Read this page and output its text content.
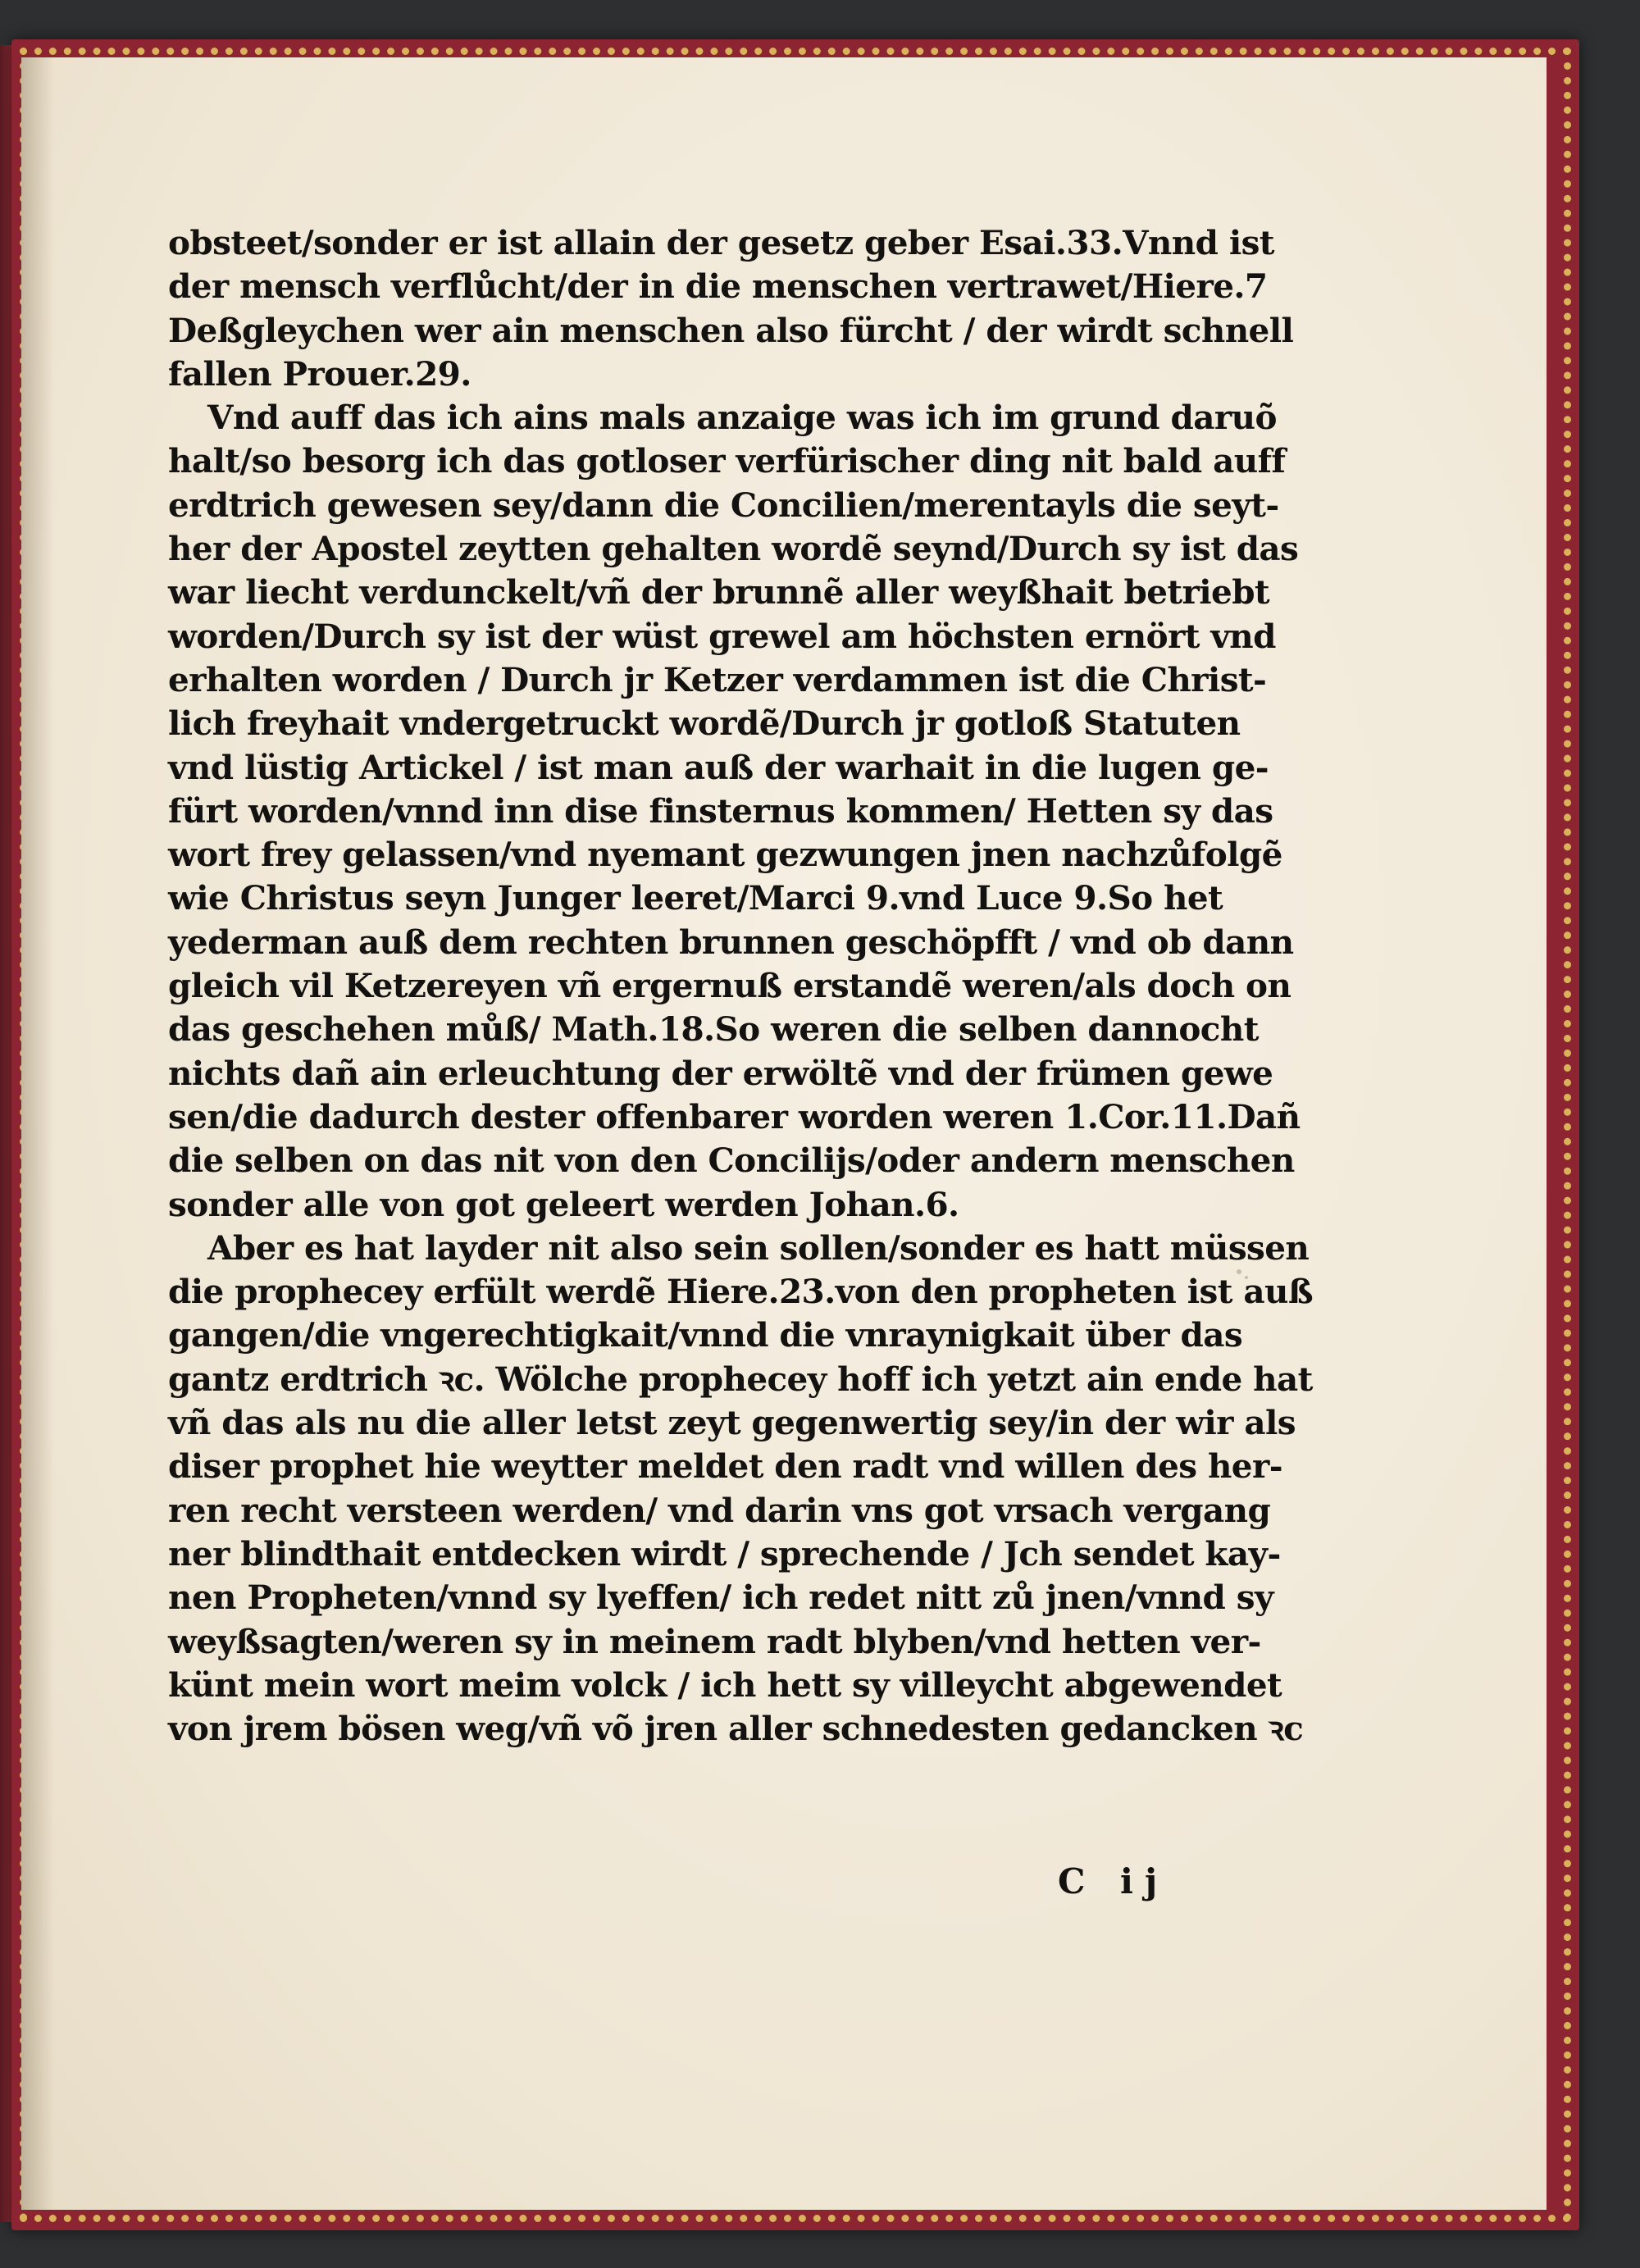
obsteet/sonder er ist allain der gesetz geber Esai.33.Vnnd ist
der mensch verflůcht/der in die menschen vertrawet/Hiere.7
Deßgleychen wer ain menschen also fürcht / der wirdt schnell
fallen Prouer.29.
Vnd auff das ich ains mals anzaige was ich im grund daruõ
halt/so besorg ich das gotloser verfürischer ding nit bald auff
erdtrich gewesen sey/dann die Concilien/merentayls die seyt-
her der Apostel zeytten gehalten wordẽ seynd/Durch sy ist das
war liecht verdunckelt/vñ der brunnẽ aller weyßhait betriebt
worden/Durch sy ist der wüst grewel am höchsten ernört vnd
erhalten worden / Durch jr Ketzer verdammen ist die Christ-
lich freyhait vndergetruckt wordẽ/Durch jr gotloß Statuten
vnd lüstig Artickel / ist man auß der warhait in die lugen ge-
fürt worden/vnnd inn dise finsternus kommen/ Hetten sy das
wort frey gelassen/vnd nyemant gezwungen jnen nachzůfolgẽ
wie Christus seyn Junger leeret/Marci 9.vnd Luce 9.So het
yederman auß dem rechten brunnen geschöpfft / vnd ob dann
gleich vil Ketzereyen vñ ergernuß erstandẽ weren/als doch on
das geschehen můß/ Math.18.So weren die selben dannocht
nichts dañ ain erleuchtung der erwöltẽ vnd der frümen gewe
sen/die dadurch dester offenbarer worden weren 1.Cor.11.Dañ
die selben on das nit von den Concilijs/oder andern menschen
sonder alle von got geleert werden Johan.6.
Aber es hat layder nit also sein sollen/sonder es hatt müssen
die prophecey erfült werdẽ Hiere.23.von den propheten ist auß
gangen/die vngerechtigkait/vnnd die vnraynigkait über das
gantz erdtrich ꝛc. Wölche prophecey hoff ich yetzt ain ende hat
vñ das als nu die aller letst zeyt gegenwertig sey/in der wir als
diser prophet hie weytter meldet den radt vnd willen des her-
ren recht versteen werden/ vnd darin vns got vrsach vergang
ner blindthait entdecken wirdt / sprechende / Jch sendet kay-
nen Propheten/vnnd sy lyeffen/ ich redet nitt zů jnen/vnnd sy
weyßsagten/weren sy in meinem radt blyben/vnd hetten ver-
künt mein wort meim volck / ich hett sy villeycht abgewendet
von jrem bösen weg/vñ võ jren aller schnedesten gedancken ꝛc
C ij
